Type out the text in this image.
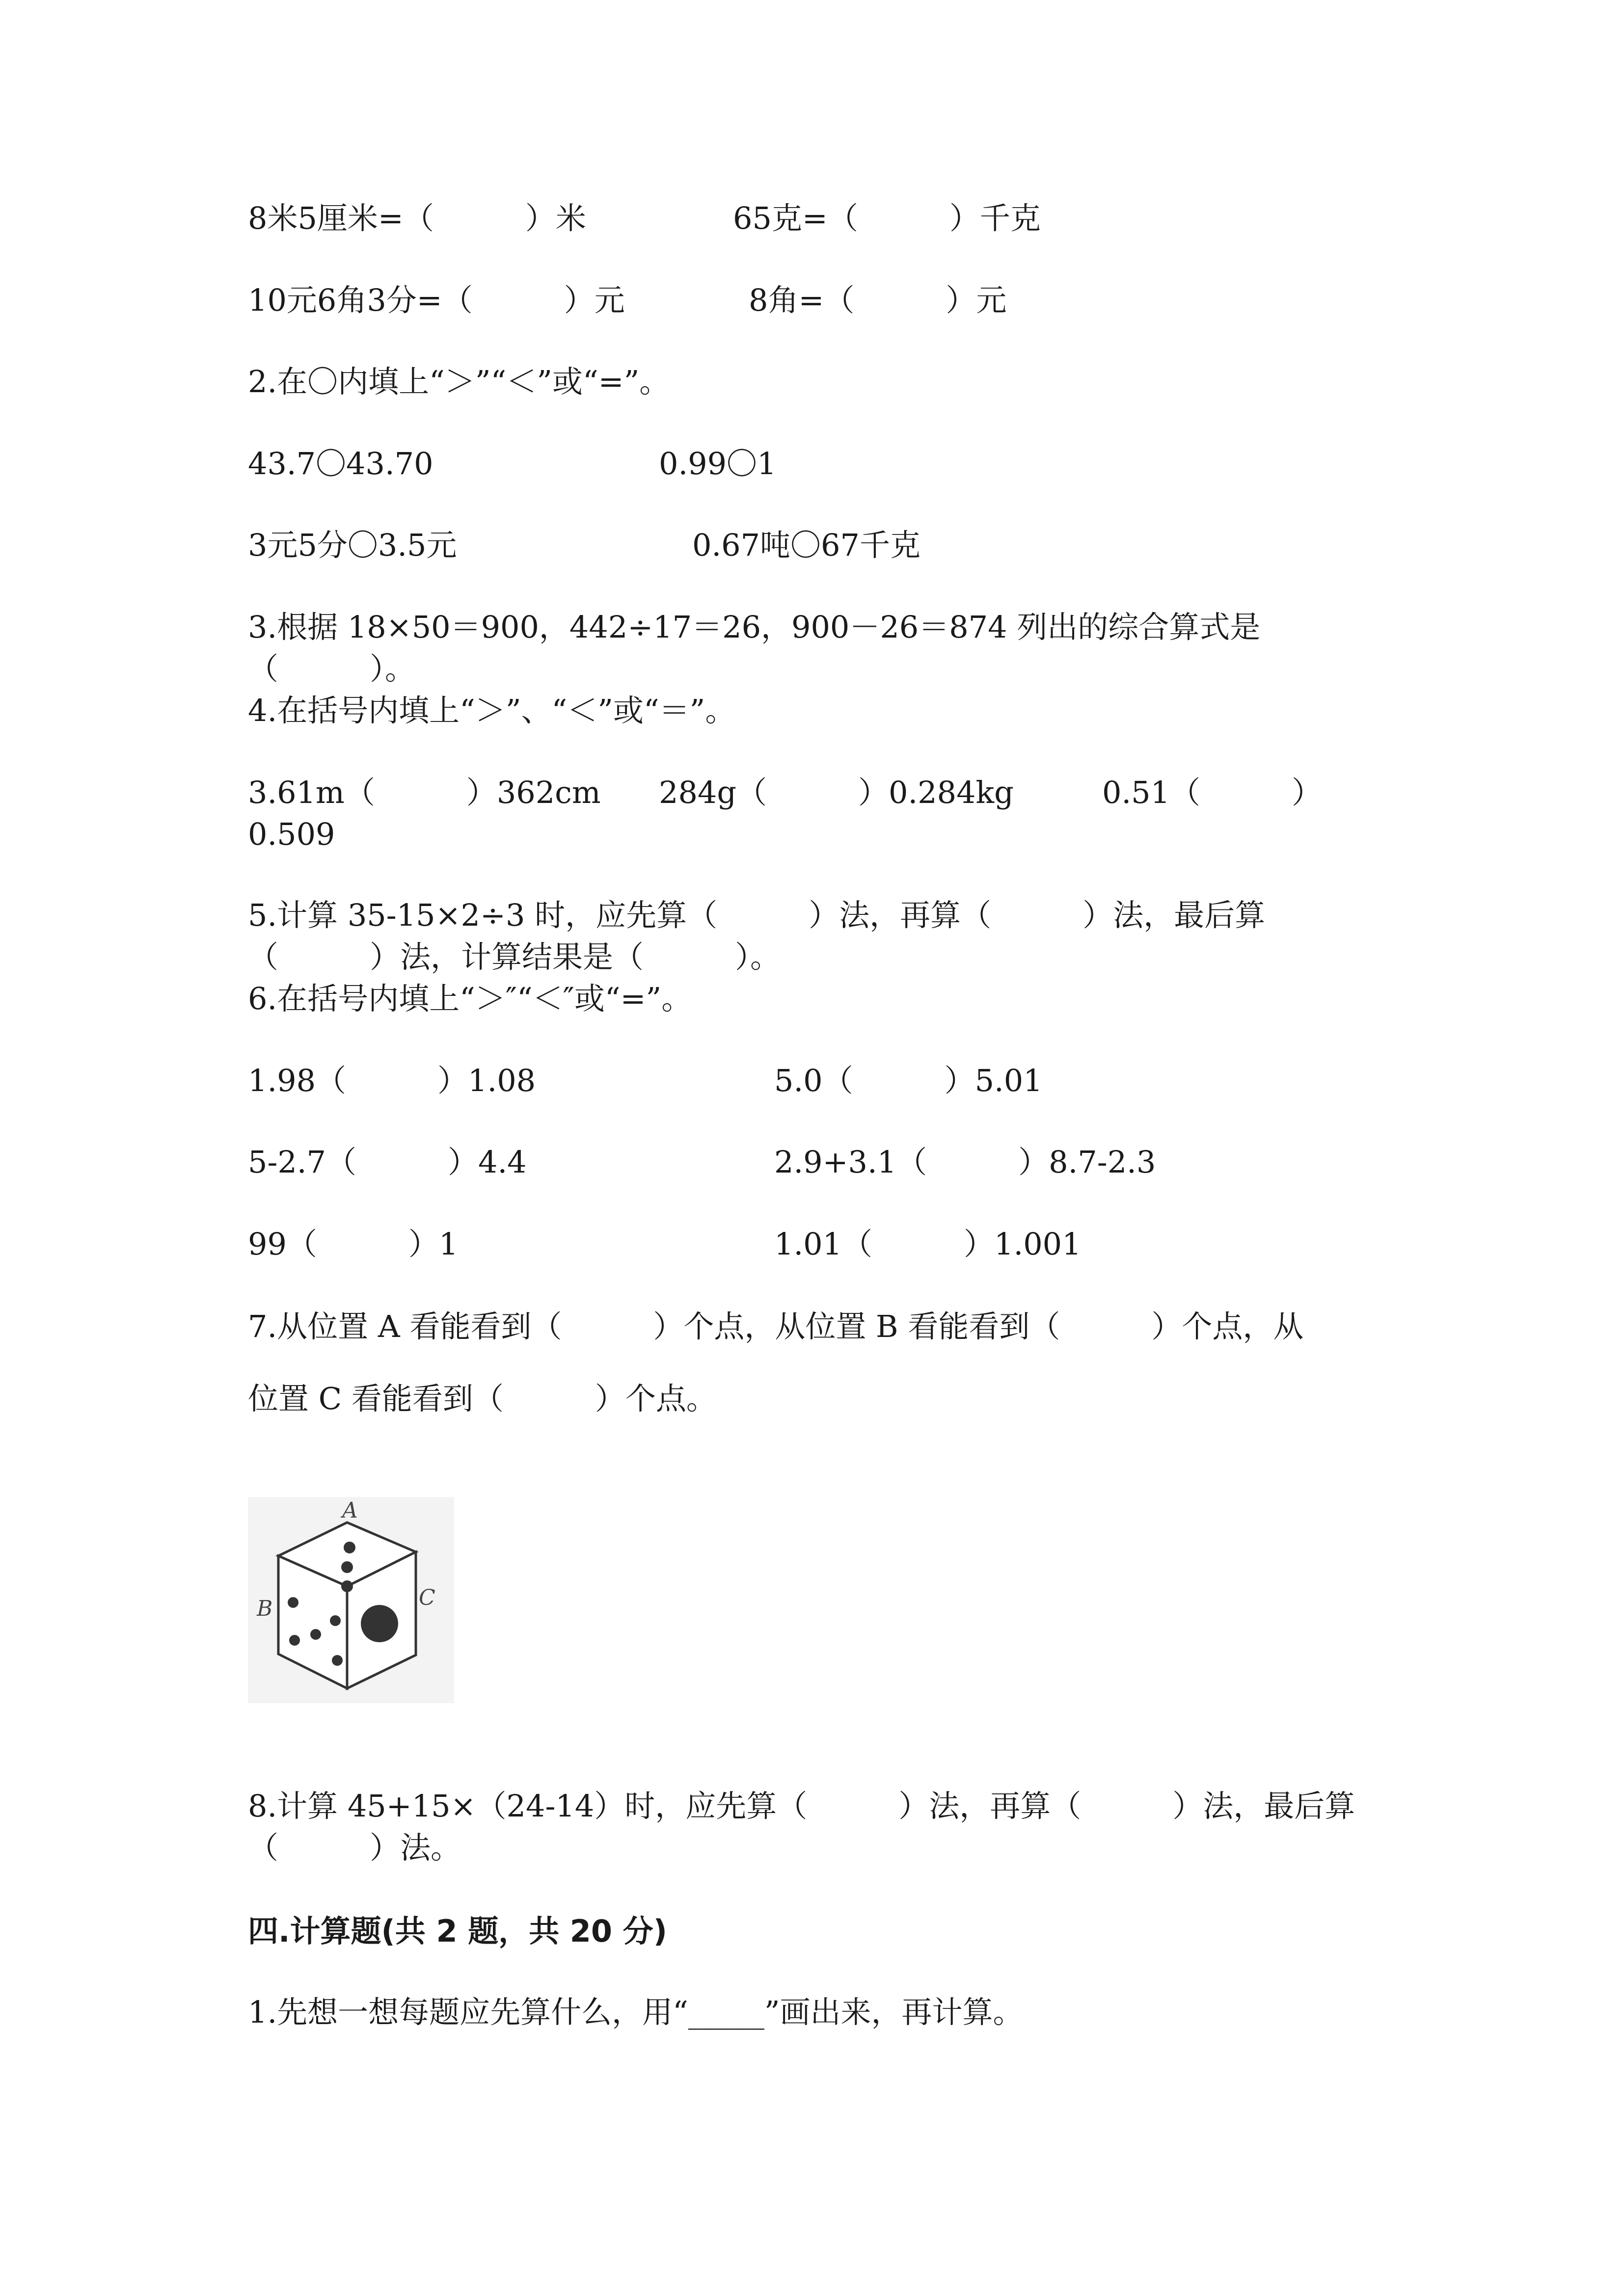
8米5厘米=（　　　）米	65克=（　　　）千克
10元6角3分=（　　　）元	8角=（　　　）元
2.在〇内填上“＞”“＜”或“=”。
43.7〇43.70	0.99〇1
3元5分〇3.5元	0.67吨〇67千克
3.根据 18×50＝900，442÷17＝26，900－26＝874 列出的综合算式是
（　　　）。
4.在括号内填上“＞”、“＜”或“＝”。
3.61m（　　　）362cm 284g（　　　）0.284kg	0.51（　　　）
0.509
5.计算 35-15×2÷3 时，应先算（　　　）法，再算（　　　）法，最后算
（　　　）法，计算结果是（　　　）。
6.在括号内填上“＞″“＜″或“=”。
1.98（　　　）1.08	5.0（　　　）5.01
5-2.7（　　　）4.4	2.9+3.1（　　　）8.7-2.3
99（　　　）1	1.01（　　　）1.001
7.从位置 A 看能看到（　　　）个点，从位置 B 看能看到（　　　）个点，从
位置 C 看能看到（　　　）个点。
A
B	C
8.计算 45+15×（24-14）时，应先算（　　　）法，再算（　　　）法，最后算
（　　　）法。
四.计算题(共 2 题，共 20 分)
1.先想一想每题应先算什么，用“_____”画出来，再计算。
